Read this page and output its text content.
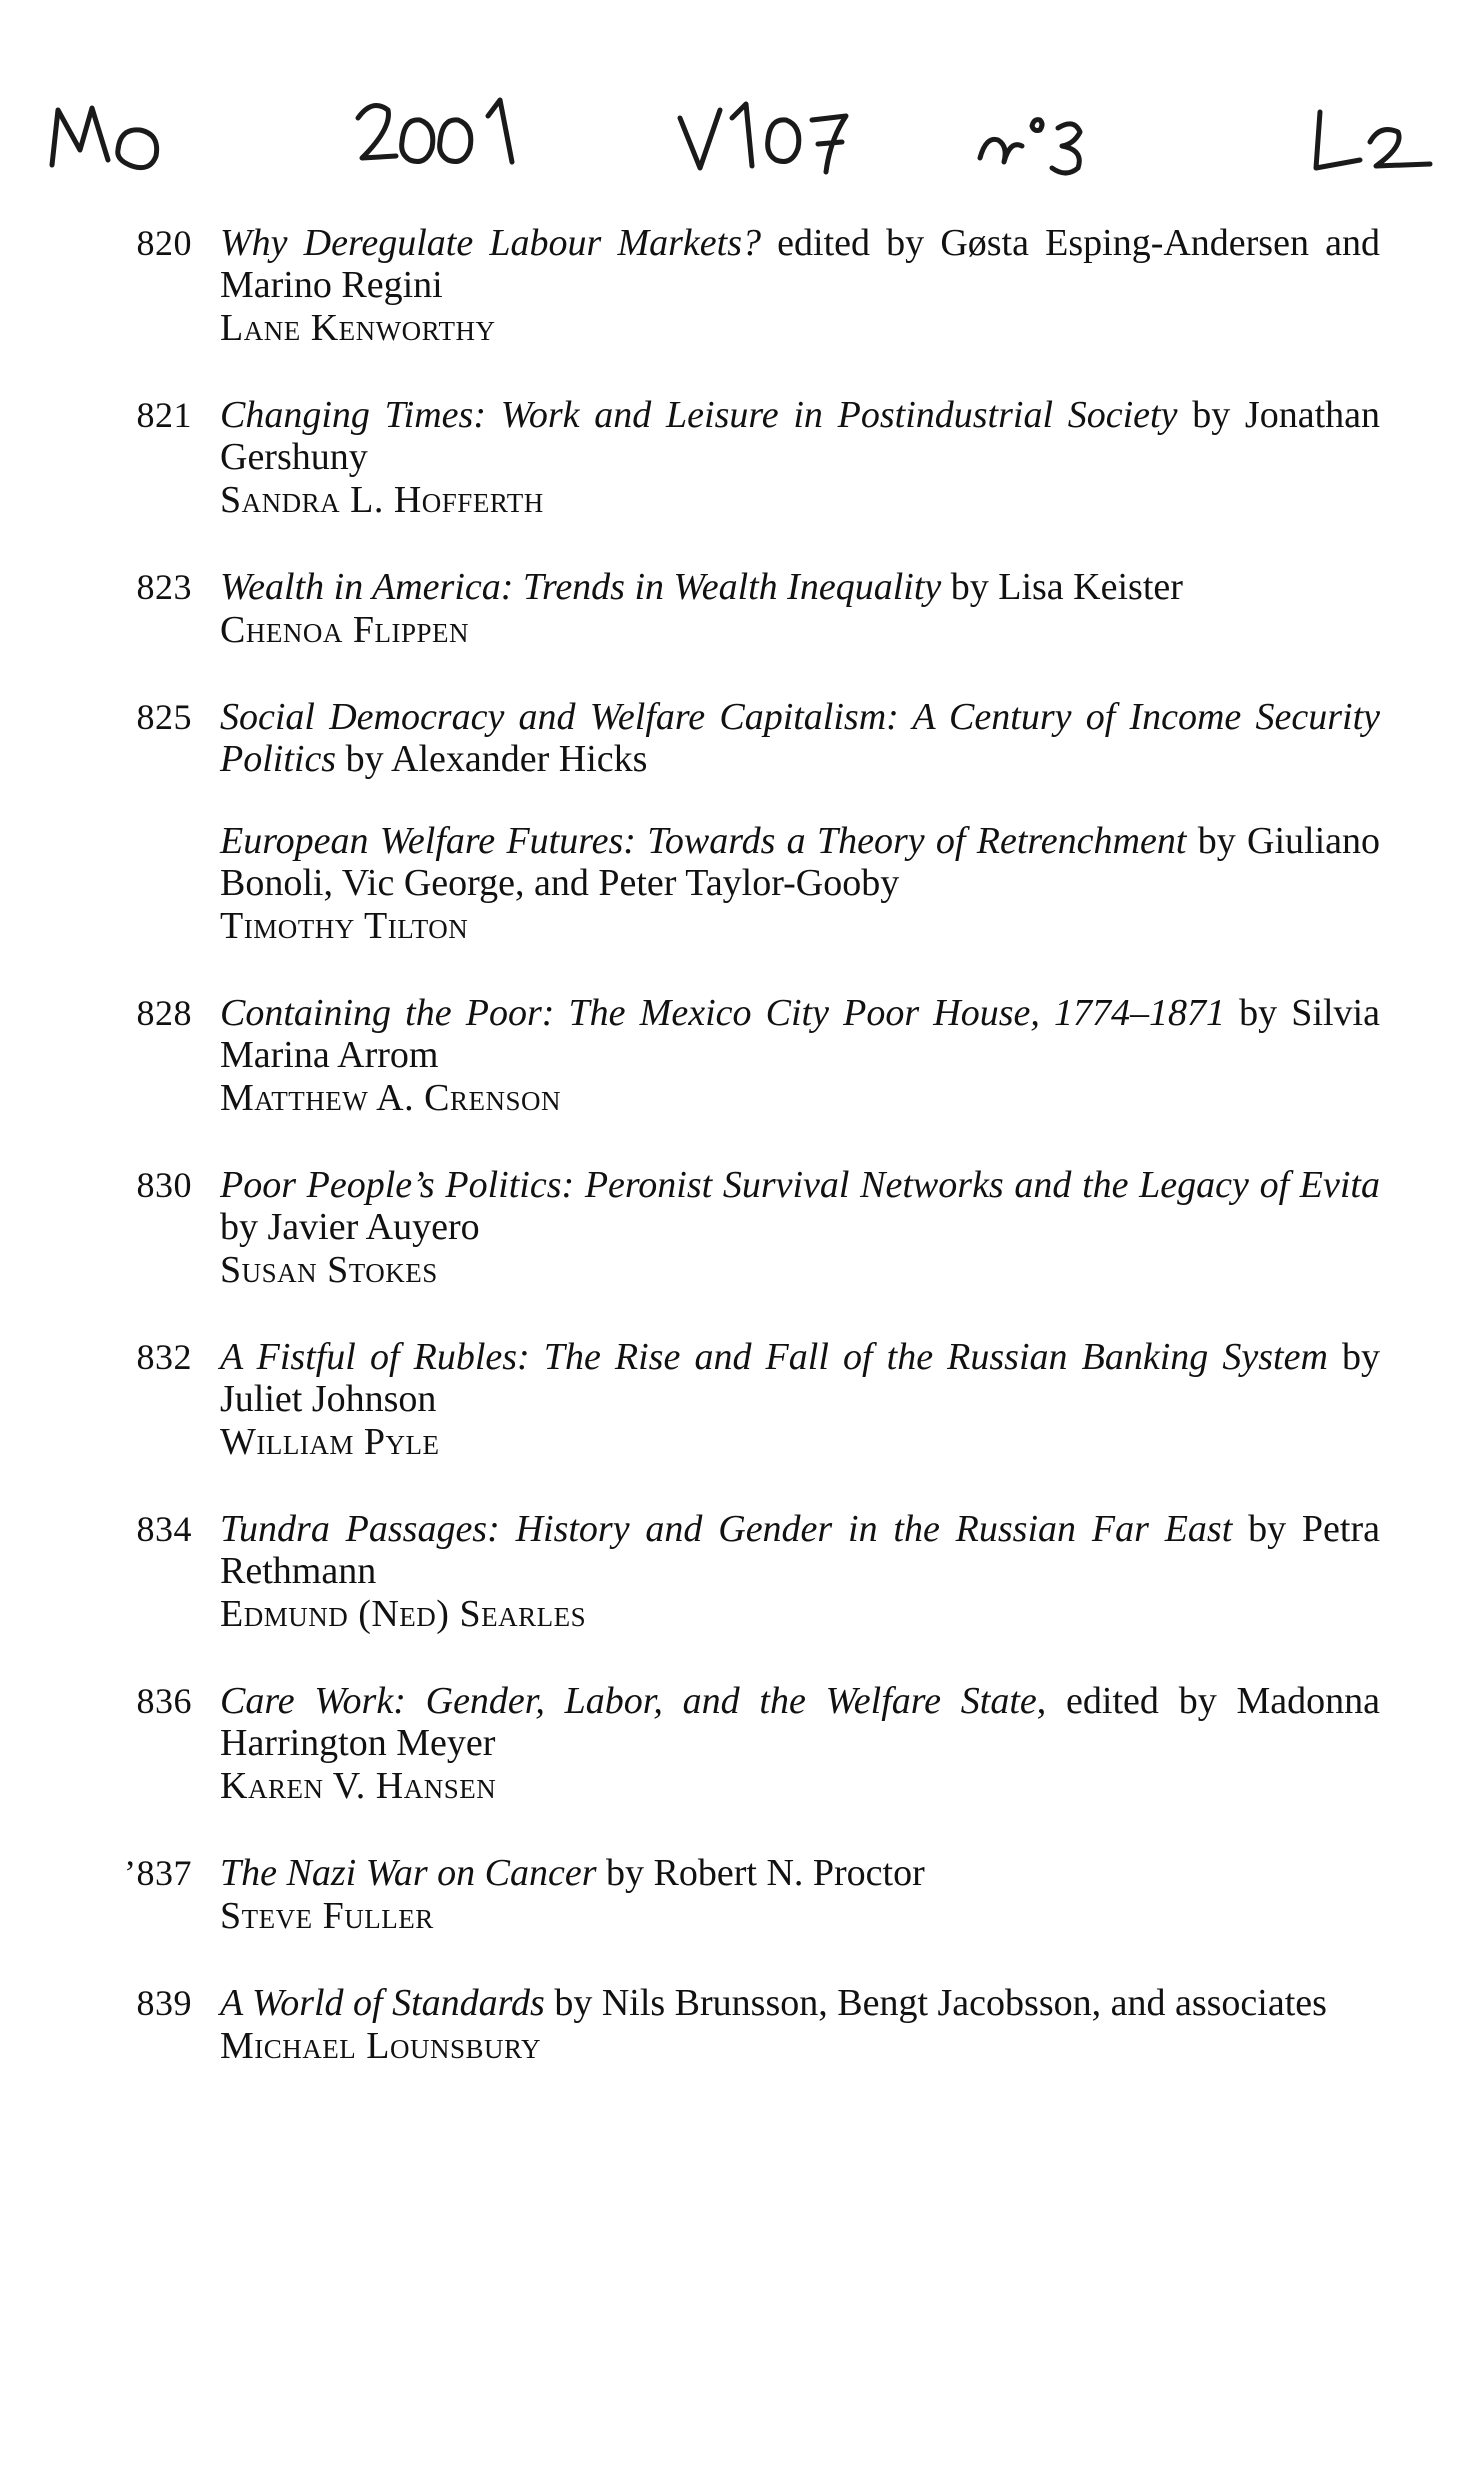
820 Why Deregulate Labour Markets? edited by Gøsta Esping-Andersen and Marino Regini

Lane Kenworthy
821 Changing Times: Work and Leisure in Postindustrial Society by Jonathan Gershuny

Sandra L. Hofferth
823 Wealth in America: Trends in Wealth Inequality by Lisa Keister

Chenoa Flippen
825 Social Democracy and Welfare Capitalism: A Century of Income Security Politics by Alexander Hicks

European Welfare Futures: Towards a Theory of Retrenchment by Giuliano Bonoli, Vic George, and Peter Taylor-Gooby

Timothy Tilton
828 Containing the Poor: The Mexico City Poor House, 1774–1871 by Silvia Marina Arrom

Matthew A. Crenson
830 Poor People’s Politics: Peronist Survival Networks and the Legacy of Evita by Javier Auyero

Susan Stokes
832 A Fistful of Rubles: The Rise and Fall of the Russian Banking System by Juliet Johnson

William Pyle
834 Tundra Passages: History and Gender in the Russian Far East by Petra Rethmann

Edmund (Ned) Searles
836 Care Work: Gender, Labor, and the Welfare State, edited by Madonna Harrington Meyer

Karen V. Hansen
’837 The Nazi War on Cancer by Robert N. Proctor

Steve Fuller
839 A World of Standards by Nils Brunsson, Bengt Jacobsson, and associates

Michael Lounsbury
